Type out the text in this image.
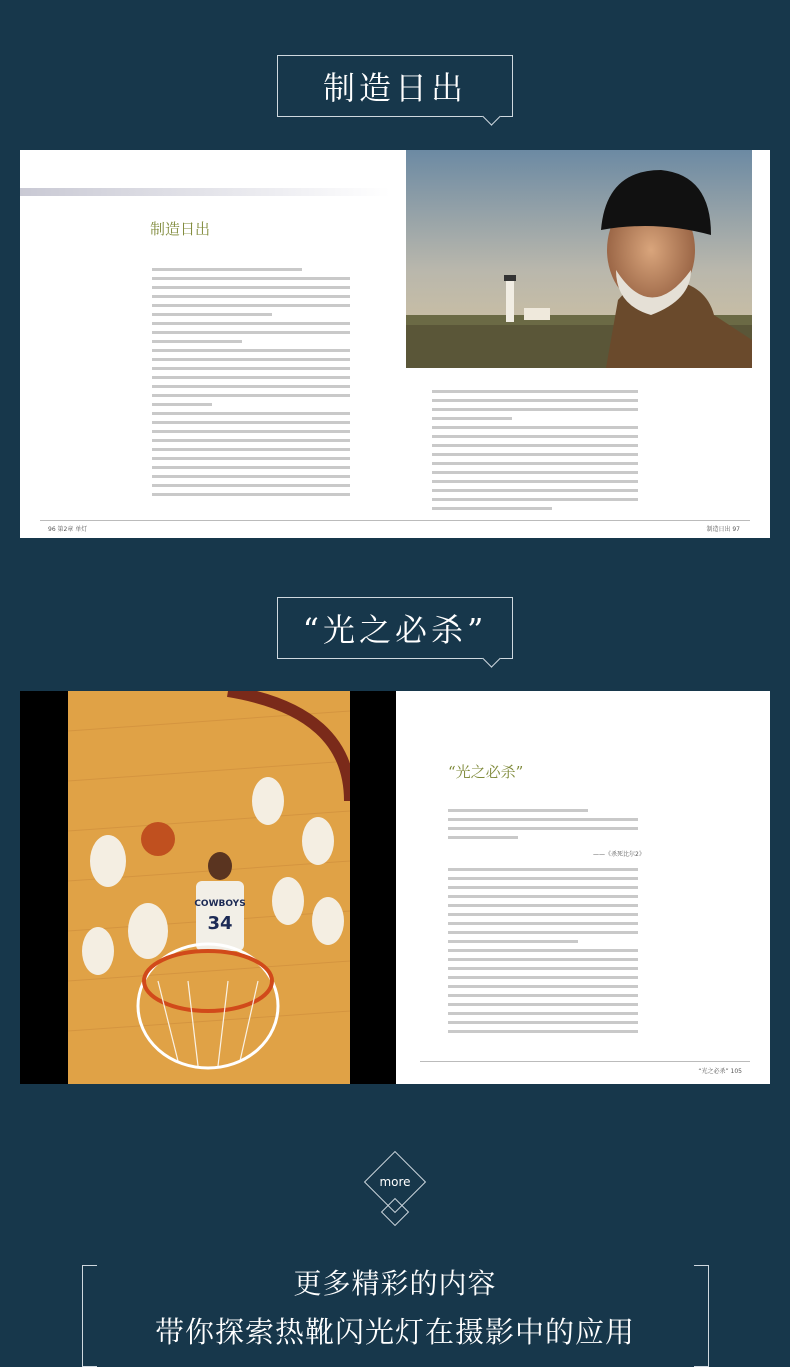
制造日出
制造日出
96 第2章 单灯	制造日出 97
“光之必杀”
COWBOYS
34
“光之必杀”
——《杀死比尔2》
“光之必杀” 105
more
更多精彩的内容
带你探索热靴闪光灯在摄影中的应用
